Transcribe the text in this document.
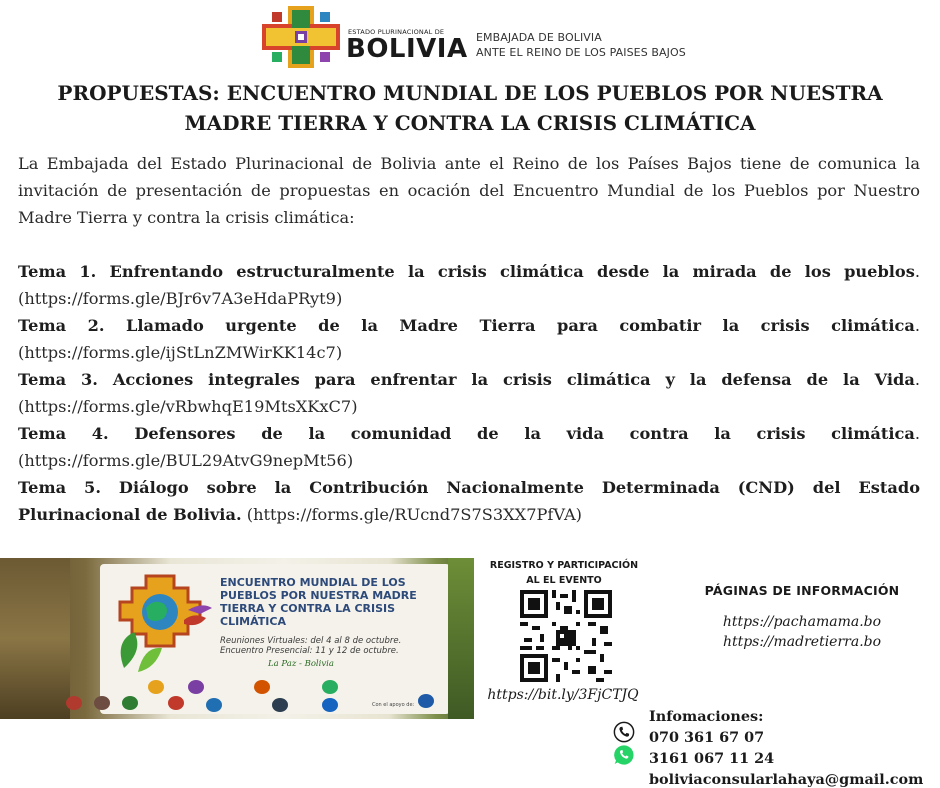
ESTADO PLURINACIONAL DE
BOLIVIA EMBAJADA DE BOLIVIA
ANTE EL REINO DE LOS PAISES BAJOS
PROPUESTAS: ENCUENTRO MUNDIAL DE LOS PUEBLOS POR NUESTRA
MADRE TIERRA Y CONTRA LA CRISIS CLIMÁTICA

La Embajada del Estado Plurinacional de Bolivia ante el Reino de los Países Bajos tiene de comunica la invitación de presentación de propuestas en ocación del Encuentro Mundial de los Pueblos por Nuestro Madre Tierra y contra la crisis climática:

Tema 1. Enfrentando estructuralmente la crisis climática desde la mirada de los pueblos. (https://forms.gle/BJr6v7A3eHdaPRyt9)

Tema 2. Llamado urgente de la Madre Tierra para combatir la crisis climática. (https://forms.gle/ijStLnZMWirKK14c7)

Tema 3. Acciones integrales para enfrentar la crisis climática y la defensa de la Vida. (https://forms.gle/vRbwhqE19MtsXKxC7)

Tema 4. Defensores de la comunidad de la vida contra la crisis climática. (https://forms.gle/BUL29AtvG9nepMt56)

Tema 5. Diálogo sobre la Contribución Nacionalmente Determinada (CND) del Estado Plurinacional de Bolivia. (https://forms.gle/RUcnd7S7S3XX7PfVA)

ENCUENTRO MUNDIAL DE LOS PUEBLOS POR NUESTRA MADRE TIERRA Y CONTRA LA CRISIS CLIMÁTICA
Reuniones Virtuales: del 4 al 8 de octubre.
Encuentro Presencial: 11 y 12 de octubre.
La Paz - Bolivia
Con el apoyo de:
REGISTRO Y PARTICIPACIÓN
AL EL EVENTO
https://bit.ly/3FjCTJQ
PÁGINAS DE INFORMACIÓN
https://pachamama.bo
https://madretierra.bo
Infomaciones:
070 361 67 07
3161 067 11 24
boliviaconsularlahaya@gmail.com
